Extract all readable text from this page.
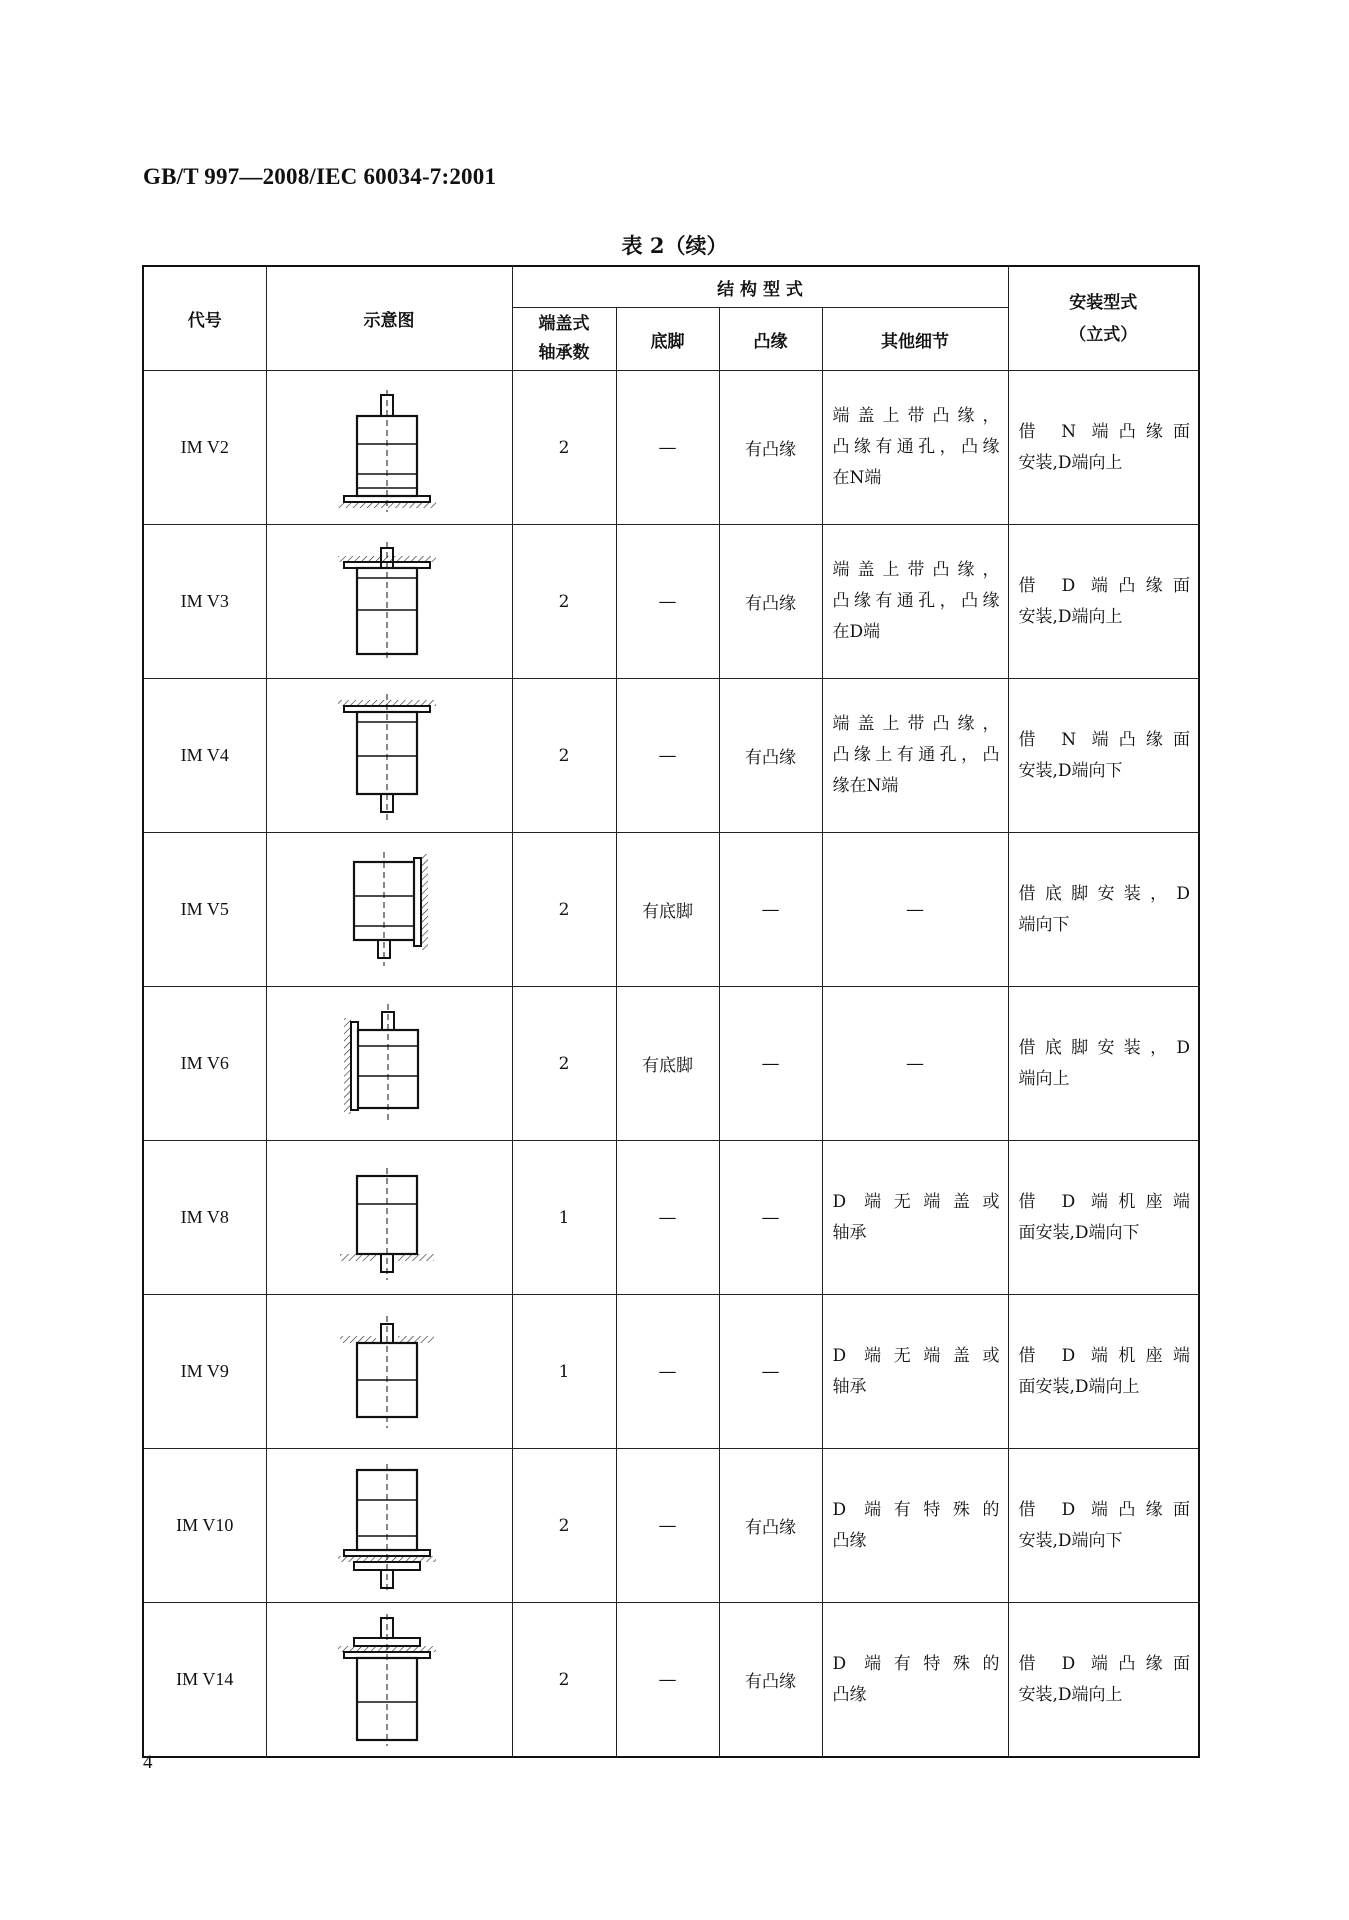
GB/T 997—2008/IEC 60034-7:2001
表 2（续）
代号	示意图	结 构 型 式				安装型式
（立式）

		端盖式
轴承数	底脚	凸缘	其他细节	
IM V2		2	—	有凸缘	端盖上带凸缘，
凸缘有通孔，凸缘
在N端	借 N 端凸缘面
安装,D端向上

IM V3		2	—	有凸缘	端盖上带凸缘，
凸缘有通孔，凸缘
在D端	借 D 端凸缘面
安装,D端向上

IM V4		2	—	有凸缘	端盖上带凸缘，
凸缘上有通孔，凸
缘在N端	借 N 端凸缘面
安装,D端向下

IM V5		2	有底脚	—	—	借底脚安装，D
端向下

IM V6		2	有底脚	—	—	借底脚安装，D
端向上

IM V8		1	—	—	D 端无端盖或
轴承	借 D 端机座端
面安装,D端向下

IM V9		1	—	—	D 端无端盖或
轴承	借 D 端机座端
面安装,D端向上

IM V10		2	—	有凸缘	D 端有特殊的
凸缘	借 D 端凸缘面
安装,D端向下

IM V14		2	—	有凸缘	D 端有特殊的
凸缘	借 D 端凸缘面
安装,D端向上
4
